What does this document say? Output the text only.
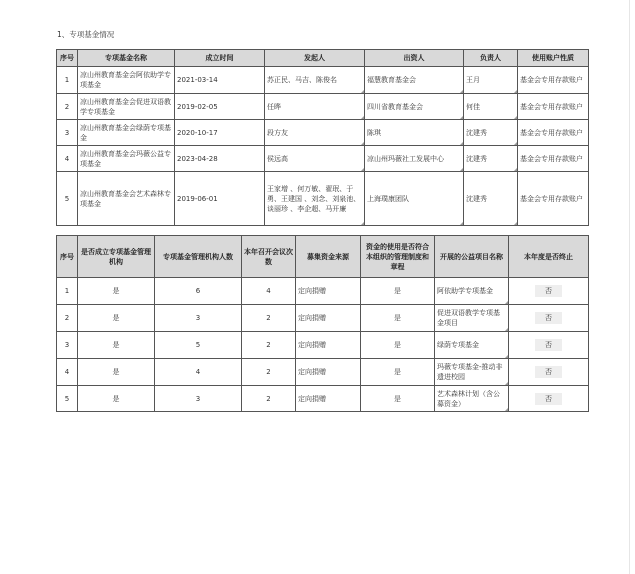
1、专项基金情况
序号	专项基金名称	成立时间	发起人	出资人	负责人	使用账户性质
1	凉山州教育基金会阿依助学专项基金	2021-03-14	苏正民、马吉、陈俊名	福慧教育基金会	王月	基金会专用存款账户
2	凉山州教育基金会促进双语教学专项基金	2019-02-05	任晔	四川省教育基金会	何佳	基金会专用存款账户
3	凉山州教育基金会绿荫专项基金	2020-10-17	段方友	陈琪	沈建秀	基金会专用存款账户
4	凉山州教育基金会玛薇公益专项基金	2023-04-28	侯远高	凉山州玛薇社工发展中心	沈建秀	基金会专用存款账户
5	凉山州教育基金会艺术森林专项基金	2019-06-01	王家增 、何万敏、翟珉、于勇、王建国 、刘念、刘泉池、谈丽珍 、李企超、马开廉	上海璞康团队	沈建秀	基金会专用存款账户
序号	是否成立专项基金管理机构	专项基金管理机构人数	本年召开会议次数	募集资金来源	资金的使用是否符合本组织的管理制度和章程	开展的公益项目名称	本年度是否终止
1	是	6	4	定向捐赠	是	阿依助学专项基金	否
2	是	3	2	定向捐赠	是	促进双语教学专项基金项目	否
3	是	5	2	定向捐赠	是	绿荫专项基金	否
4	是	4	2	定向捐赠	是	玛薇专项基金-推动非遗进校园	否
5	是	3	2	定向捐赠	是	艺术森林计划（含公募资金）	否
